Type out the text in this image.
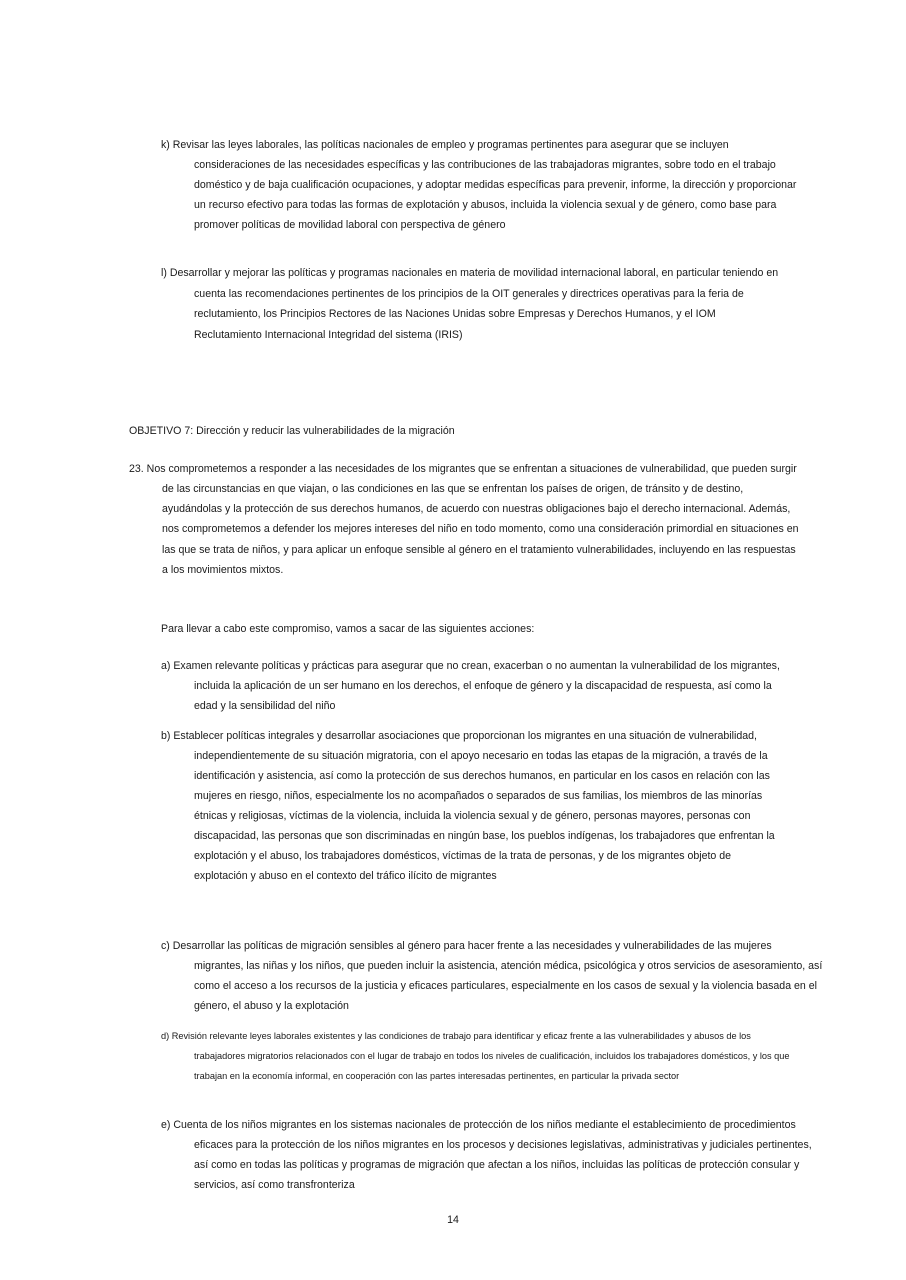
k) Revisar las leyes laborales, las políticas nacionales de empleo y programas pertinentes para asegurar que se incluyen
consideraciones de las necesidades específicas y las contribuciones de las trabajadoras migrantes, sobre todo en el trabajo
doméstico y de baja cualificación ocupaciones, y adoptar medidas específicas para prevenir, informe, la dirección y proporcionar
un recurso efectivo para todas las formas de explotación y abusos, incluida la violencia sexual y de género, como base para
promover políticas de movilidad laboral con perspectiva de género
l) Desarrollar y mejorar las políticas y programas nacionales en materia de movilidad internacional laboral, en particular teniendo en
cuenta las recomendaciones pertinentes de los principios de la OIT generales y directrices operativas para la feria de
reclutamiento, los Principios Rectores de las Naciones Unidas sobre Empresas y Derechos Humanos, y el IOM
Reclutamiento Internacional Integridad del sistema (IRIS)
OBJETIVO 7: Dirección y reducir las vulnerabilidades de la migración
23. Nos comprometemos a responder a las necesidades de los migrantes que se enfrentan a situaciones de vulnerabilidad, que pueden surgir
de las circunstancias en que viajan, o las condiciones en las que se enfrentan los países de origen, de tránsito y de destino,
ayudándolas y la protección de sus derechos humanos, de acuerdo con nuestras obligaciones bajo el derecho internacional. Además,
nos comprometemos a defender los mejores intereses del niño en todo momento, como una consideración primordial en situaciones en
las que se trata de niños, y para aplicar un enfoque sensible al género en el tratamiento vulnerabilidades, incluyendo en las respuestas
a los movimientos mixtos.
Para llevar a cabo este compromiso, vamos a sacar de las siguientes acciones:
a) Examen relevante políticas y prácticas para asegurar que no crean, exacerban o no aumentan la vulnerabilidad de los migrantes,
incluida la aplicación de un ser humano en los derechos, el enfoque de género y la discapacidad de respuesta, así como la
edad y la sensibilidad del niño
b) Establecer políticas integrales y desarrollar asociaciones que proporcionan los migrantes en una situación de vulnerabilidad,
independientemente de su situación migratoria, con el apoyo necesario en todas las etapas de la migración, a través de la
identificación y asistencia, así como la protección de sus derechos humanos, en particular en los casos en relación con las
mujeres en riesgo, niños, especialmente los no acompañados o separados de sus familias, los miembros de las minorías
étnicas y religiosas, víctimas de la violencia, incluida la violencia sexual y de género, personas mayores, personas con
discapacidad, las personas que son discriminadas en ningún base, los pueblos indígenas, los trabajadores que enfrentan la
explotación y el abuso, los trabajadores domésticos, víctimas de la trata de personas, y de los migrantes objeto de
explotación y abuso en el contexto del tráfico ilícito de migrantes
c) Desarrollar las políticas de migración sensibles al género para hacer frente a las necesidades y vulnerabilidades de las mujeres
migrantes, las niñas y los niños, que pueden incluir la asistencia, atención médica, psicológica y otros servicios de asesoramiento, así
como el acceso a los recursos de la justicia y eficaces particulares, especialmente en los casos de sexual y la violencia basada en el
género, el abuso y la explotación
d) Revisión relevante leyes laborales existentes y las condiciones de trabajo para identificar y eficaz frente a las vulnerabilidades y abusos de los
trabajadores migratorios relacionados con el lugar de trabajo en todos los niveles de cualificación, incluidos los trabajadores domésticos, y los que
trabajan en la economía informal, en cooperación con las partes interesadas pertinentes, en particular la privada sector
e) Cuenta de los niños migrantes en los sistemas nacionales de protección de los niños mediante el establecimiento de procedimientos
eficaces para la protección de los niños migrantes en los procesos y decisiones legislativas, administrativas y judiciales pertinentes,
así como en todas las políticas y programas de migración que afectan a los niños, incluidas las políticas de protección consular y
servicios, así como transfronteriza
14
